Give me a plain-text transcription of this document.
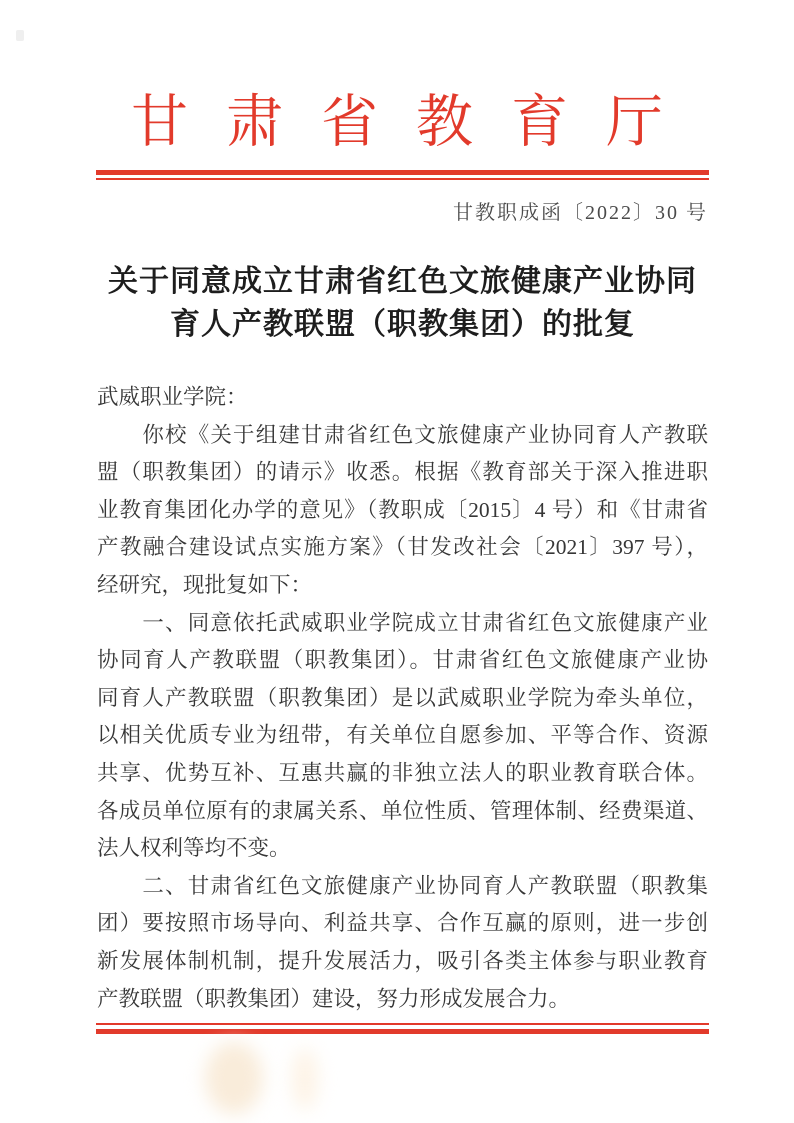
甘肃省教育厅
甘教职成函〔2022〕30 号
关于同意成立甘肃省红色文旅健康产业协同
育人产教联盟（职教集团）的批复
武威职业学院：
　　你校《关于组建甘肃省红色文旅健康产业协同育人产教联
盟（职教集团）的请示》收悉。根据《教育部关于深入推进职
业教育集团化办学的意见》（教职成〔2015〕4 号）和《甘肃省
产教融合建设试点实施方案》（甘发改社会〔2021〕397 号），
经研究，现批复如下：
　　一、同意依托武威职业学院成立甘肃省红色文旅健康产业
协同育人产教联盟（职教集团）。甘肃省红色文旅健康产业协
同育人产教联盟（职教集团）是以武威职业学院为牵头单位，
以相关优质专业为纽带，有关单位自愿参加、平等合作、资源
共享、优势互补、互惠共赢的非独立法人的职业教育联合体。
各成员单位原有的隶属关系、单位性质、管理体制、经费渠道、
法人权利等均不变。
　　二、甘肃省红色文旅健康产业协同育人产教联盟（职教集
团）要按照市场导向、利益共享、合作互赢的原则，进一步创
新发展体制机制，提升发展活力，吸引各类主体参与职业教育
产教联盟（职教集团）建设，努力形成发展合力。
